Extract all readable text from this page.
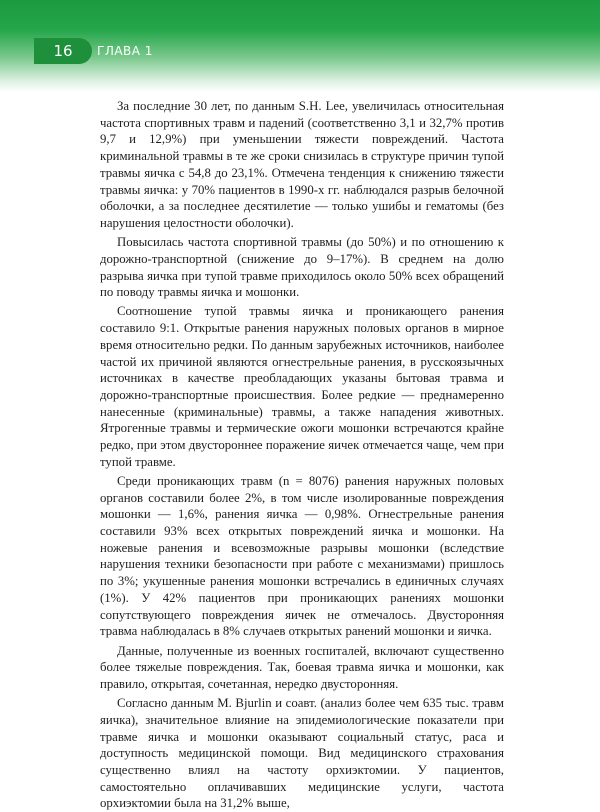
16	ГЛАВА 1

За последние 30 лет, по данным S.H. Lee, увеличилась относительная частота спортивных травм и падений (соответственно 3,1 и 32,7% против 9,7 и 12,9%) при уменьшении тяжести повреждений. Частота криминальной травмы в те же сроки снизилась в структуре причин тупой травмы яичка с 54,8 до 23,1%. Отмечена тенденция к снижению тяжести травмы яичка: у 70% пациентов в 1990-х гг. наблюдался разрыв белочной оболочки, а за последнее десятилетие — только ушибы и гематомы (без нарушения целостности оболочки).

Повысилась частота спортивной травмы (до 50%) и по отношению к дорожно-транспортной (снижение до 9–17%). В среднем на долю разрыва яичка при тупой травме приходилось около 50% всех обращений по поводу травмы яичка и мошонки.

Соотношение тупой травмы яичка и проникающего ранения составило 9:1. Открытые ранения наружных половых органов в мирное время относительно редки. По данным зарубежных источников, наиболее частой их причиной являются огнестрельные ранения, в русскоязычных источниках в качестве преобладающих указаны бытовая травма и дорожно-транспортные происшествия. Более редкие — преднамеренно нанесенные (криминальные) травмы, а также нападения животных. Ятрогенные травмы и термические ожоги мошонки встречаются крайне редко, при этом двустороннее поражение яичек отмечается чаще, чем при тупой травме.

Среди проникающих травм (n = 8076) ранения наружных половых органов составили более 2%, в том числе изолированные повреждения мошонки — 1,6%, ранения яичка — 0,98%. Огнестрельные ранения составили 93% всех открытых повреждений яичка и мошонки. На ножевые ранения и всевозможные разрывы мошонки (вследствие нарушения техники безопасности при работе с механизмами) пришлось по 3%; укушенные ранения мошонки встречались в единичных случаях (1%). У 42% пациентов при проникающих ранениях мошонки сопутствующего повреждения яичек не отмечалось. Двусторонняя травма наблюдалась в 8% случаев открытых ранений мошонки и яичка.

Данные, полученные из военных госпиталей, включают существенно более тяжелые повреждения. Так, боевая травма яичка и мошонки, как правило, открытая, сочетанная, нередко двусторонняя.

Согласно данным M. Bjurlin и соавт. (анализ более чем 635 тыс. травм яичка), значительное влияние на эпидемиологические показатели при травме яичка и мошонки оказывают социальный статус, раса и доступность медицинской помощи. Вид медицинского страхования существенно влиял на частоту орхиэктомии. У пациентов, самостоятельно оплачивавших медицинские услуги, частота орхиэктомии была на 31,2% выше,
